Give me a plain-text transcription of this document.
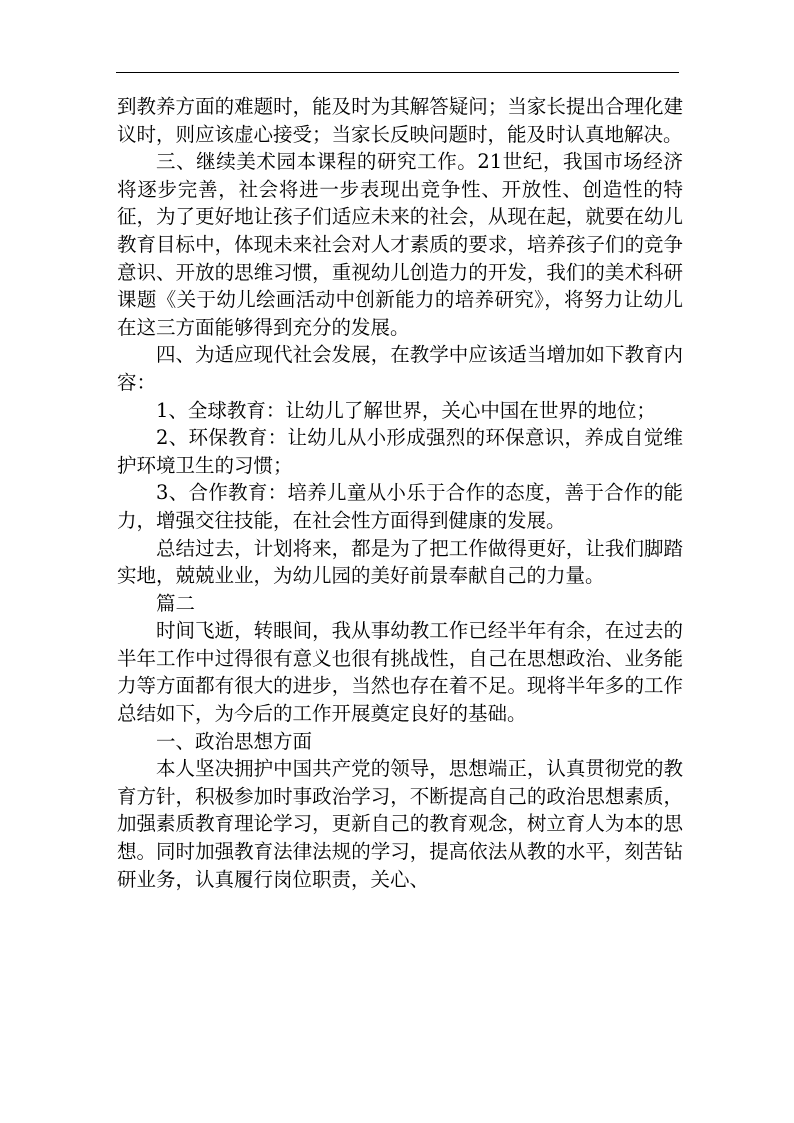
到教养方面的难题时，能及时为其解答疑问；当家长提出合理化建议时，则应该虚心接受；当家长反映问题时，能及时认真地解决。

三、继续美术园本课程的研究工作。21世纪，我国市场经济将逐步完善，社会将进一步表现出竞争性、开放性、创造性的特征，为了更好地让孩子们适应未来的社会，从现在起，就要在幼儿教育目标中，体现未来社会对人才素质的要求，培养孩子们的竞争意识、开放的思维习惯，重视幼儿创造力的开发，我们的美术科研课题《关于幼儿绘画活动中创新能力的培养研究》，将努力让幼儿在这三方面能够得到充分的发展。

四、为适应现代社会发展，在教学中应该适当增加如下教育内容：

1、全球教育：让幼儿了解世界，关心中国在世界的地位；

2、环保教育：让幼儿从小形成强烈的环保意识，养成自觉维护环境卫生的习惯；

3、合作教育：培养儿童从小乐于合作的态度，善于合作的能力，增强交往技能，在社会性方面得到健康的发展。

总结过去，计划将来，都是为了把工作做得更好，让我们脚踏实地，兢兢业业，为幼儿园的美好前景奉献自己的力量。

篇二

时间飞逝，转眼间，我从事幼教工作已经半年有余，在过去的半年工作中过得很有意义也很有挑战性，自己在思想政治、业务能力等方面都有很大的进步，当然也存在着不足。现将半年多的工作总结如下，为今后的工作开展奠定良好的基础。

一、政治思想方面

本人坚决拥护中国共产党的领导，思想端正，认真贯彻党的教育方针，积极参加时事政治学习，不断提高自己的政治思想素质，加强素质教育理论学习，更新自己的教育观念，树立育人为本的思想。同时加强教育法律法规的学习，提高依法从教的水平，刻苦钻研业务，认真履行岗位职责，关心、
